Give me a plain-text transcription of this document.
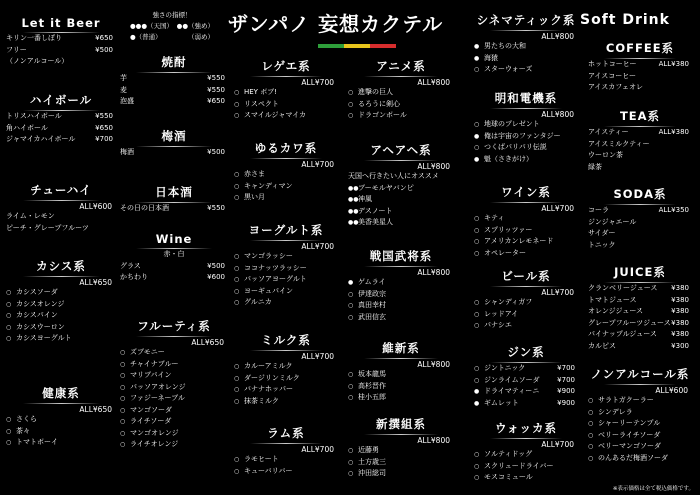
ザンパノ 妄想カクテル
強さの指標！
●●●（天国） ●●（強め）
●（普通）	（弱め）
Soft Drink
※表示価格は全て税込価格です。
Let it Beer
キリン一番しぼり	¥650
フリー	¥500
（ノンアルコール）
ハイボール
トリスハイボール	¥550
角ハイボール	¥650
ジャマイカハイボール	¥700
チューハイ
ALL¥600
ライム・レモン
ピーチ・グレープフルーツ
カシス系
ALL¥650
○ カシスソーダ
○ カシスオレンジ
○ カシスパイン
○ カシスウーロン
○ カシスヨーグルト
健康系
ALL¥650
○ さくら
○ 茶々
○ トマトボーイ
焼酎
芋	¥550
麦	¥550
泡盛	¥650
梅酒
梅酒	¥500
日本酒
その日の日本酒	¥550
Wine
赤・白
グラス	¥500
かちわり	¥600
フルーティ系
ALL¥650
○ ズブモニー
○ チャイナブルー
○ マリブパイン
○ パッソアオレンジ
○ ファジーネーブル
○ マンゴソーダ
○ ライチソーダ
○ マンゴオレンジ
○ ライチオレンジ
レゲエ系
ALL¥700
○ HEY ボブ!
○ リスペクト
○ スマイルジャマイカ
ゆるカワ系
ALL¥700
○ 赤さま
○ キャンディマン
○ 黒い月
ヨーグルト系
ALL¥700
○ マンゴラッシー
○ ココナッツラッシー
○ パッソアヨーグルト
○ ヨーギュパイン
○ グルニカ
ミルク系
ALL¥700
○ カルーアミルク
○ ダージリンミルク
○ バナナホッパー
○ 抹茶ミルク
ラム系
ALL¥700
○ ラモヒート
○ キューバリバー
アニメ系
ALL¥800
○ 進撃の巨人
○ るろうに剣心
○ ドラゴンボール
アヘアヘ系
ALL¥800
天国へ行きたい人にオススメ
●●ブーモルヤバンピ
●●神風
●●デスノート
●●美香美星人
戦国武将系
ALL¥800
● ゲムライ
○ 伊達政宗
○ 真田幸村
○ 武田信玄
維新系
ALL¥800
○ 坂本龍馬
○ 高杉晋作
○ 桂小五郎
新撰組系
ALL¥800
○ 近藤勇
○ 土方歳三
○ 沖田総司
シネマティック系
ALL¥800
● 男たちの大和
● 海猿
○ スターウォーズ
明和電機系
ALL¥800
○ 地球のプレゼント
● 俺は宇宙のファンタジー
○ つくばパリパリ伝説
● 魁（さきがけ）
ワイン系
ALL¥700
○ キティ
○ スプリッツァー
○ アメリカンレモネード
○ オペレーター
ビール系
ALL¥700
○ シャンディガフ
○ レッドアイ
○ パナシエ
ジン系
○ ジントニック	¥700
○ ジンライムソーダ	¥700
● ドライマティーニ	¥900
● ギムレット	¥900
ウォッカ系
ALL¥700
○ ソルティドッグ
○ スクリュードライバー
○ モスコミュール
COFFEE系
ホットコーヒー	ALL¥380
アイスコーヒー
アイスカフェオレ
TEA系
アイスティー	ALL¥380
アイスミルクティー
ウーロン茶
緑茶
SODA系
コーラ	ALL¥350
ジンジャエール
サイダー
トニック
JUICE系
クランベリージュース ¥380
トマトジュース	¥380
オレンジジュース	¥380
グレープフルーツジュース ¥380
パイナップルジュース ¥380
カルピス	¥300
ノンアルコール系
ALL¥600
○ サラトガクーラー
○ シンデレラ
○ シャーリーテンプル
○ ベリーライチソーダ
○ ベリーマンゴソーダ
○ のんあるだ梅酒ソーダ
